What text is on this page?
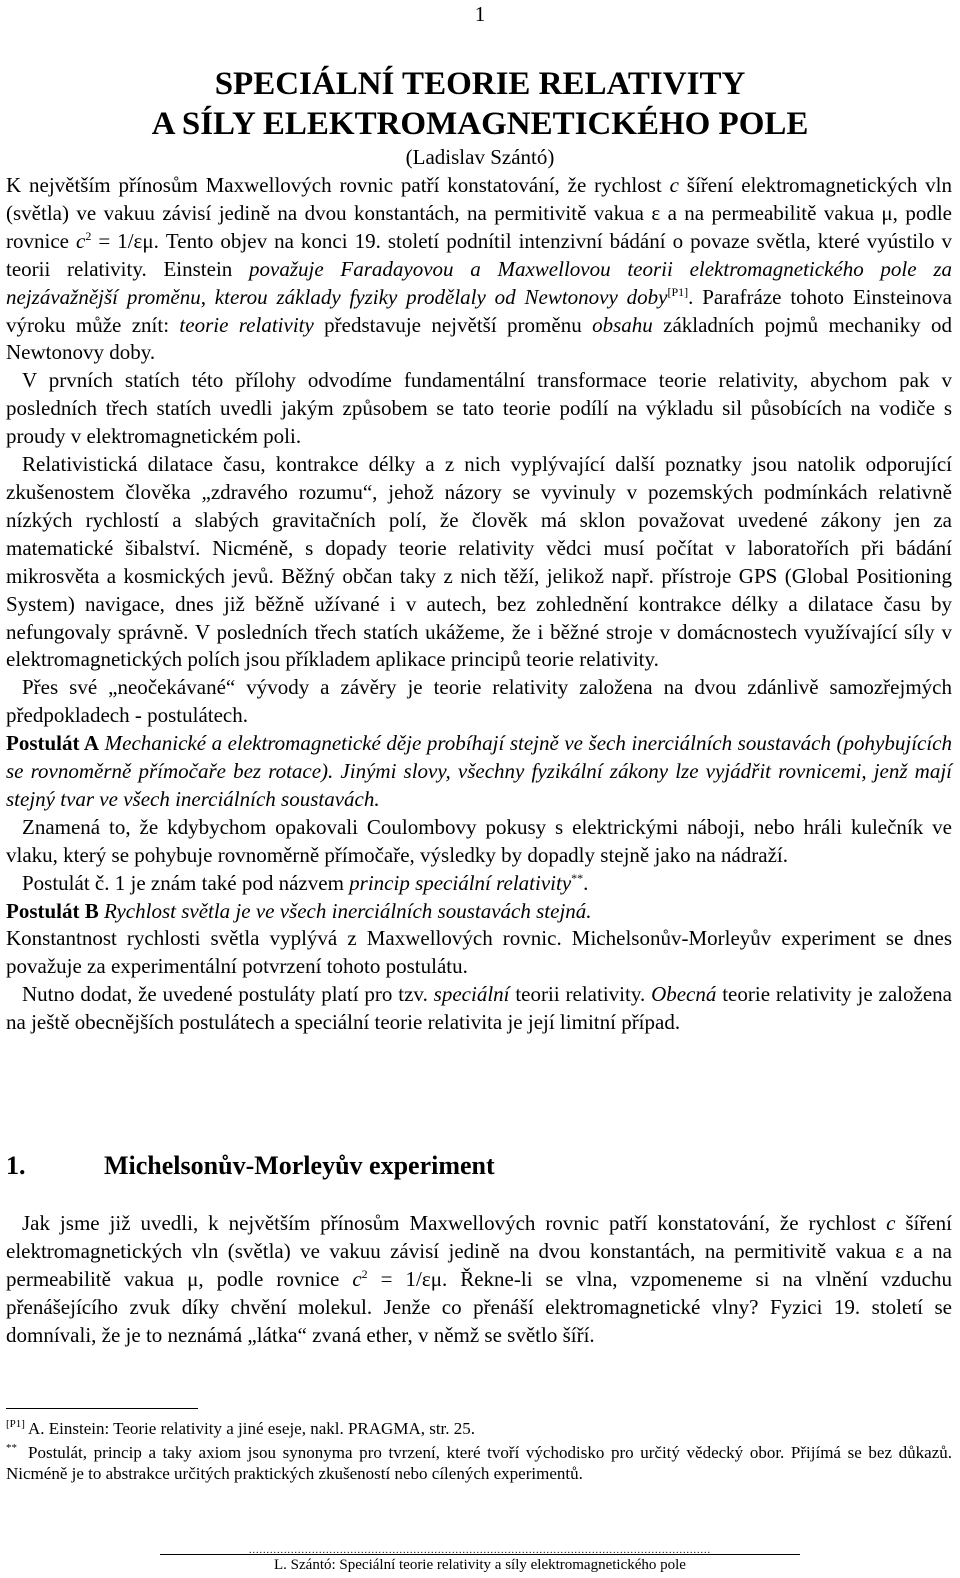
1
SPECIÁLNÍ TEORIE RELATIVITY
A SÍLY ELEKTROMAGNETICKÉHO POLE
(Ladislav Szántó)

K největším přínosům Maxwellových rovnic patří konstatování, že rychlost c šíření elektromagnetických vln (světla) ve vakuu závisí jedině na dvou konstantách, na permitivitě vakua ε a na permeabilitě vakua μ, podle rovnice $c^2 = 1/\varepsilon\mu$. Tento objev na konci 19. století podnítil intenzivní bádání o povaze světla, které vyústilo v teorii relativity. Einstein považuje Faradayovou a Maxwellovou teorii elektromagnetického pole za nejzávažnější proměnu, kterou základy fyziky prodělaly od Newtonovy doby[P1]. Parafráze tohoto Einsteinova výroku může znít: teorie relativity představuje největší proměnu obsahu základních pojmů mechaniky od Newtonovy doby.

V prvních statích této přílohy odvodíme fundamentální transformace teorie relativity, abychom pak v posledních třech statích uvedli jakým způsobem se tato teorie podílí na výkladu sil působících na vodiče s proudy v elektromagnetickém poli.

Relativistická dilatace času, kontrakce délky a z nich vyplývající další poznatky jsou natolik odporující zkušenostem člověka „zdravého rozumu“, jehož názory se vyvinuly v pozemských podmínkách relativně nízkých rychlostí a slabých gravitačních polí, že člověk má sklon považovat uvedené zákony jen za matematické šibalství. Nicméně, s dopady teorie relativity vědci musí počítat v laboratořích při bádání mikrosvěta a kosmických jevů. Běžný občan taky z nich těží, jelikož např. přístroje GPS (Global Positioning System) navigace, dnes již běžně užívané i v autech, bez zohlednění kontrakce délky a dilatace času by nefungovaly správně. V posledních třech statích ukážeme, že i běžné stroje v domácnostech využívající síly v elektromagnetických polích jsou příkladem aplikace principů teorie relativity.

Přes své „neočekávané“ vývody a závěry je teorie relativity založena na dvou zdánlivě samozřejmých předpokladech - postulátech.

Postulát A Mechanické a elektromagnetické děje probíhají stejně ve šech inerciálních soustavách (pohybujících se rovnoměrně přímočaře bez rotace). Jinými slovy, všechny fyzikální zákony lze vyjádřit rovnicemi, jenž mají stejný tvar ve všech inerciálních soustavách.

Znamená to, že kdybychom opakovali Coulombovy pokusy s elektrickými náboji, nebo hráli kulečník ve vlaku, který se pohybuje rovnoměrně přímočaře, výsledky by dopadly stejně jako na nádraží.

Postulát č. 1 je znám také pod názvem princip speciální relativity**.

Postulát B Rychlost světla je ve všech inerciálních soustavách stejná.

Konstantnost rychlosti světla vyplývá z Maxwellových rovnic. Michelsonův-Morleyův experiment se dnes považuje za experimentální potvrzení tohoto postulátu.

Nutno dodat, že uvedené postuláty platí pro tzv. speciální teorii relativity. Obecná teorie relativity je založena na ještě obecnějších postulátech a speciální teorie relativita je její limitní případ.

1.	Michelsonův-Morleyův experiment

Jak jsme již uvedli, k největším přínosům Maxwellových rovnic patří konstatování, že rychlost c šíření elektromagnetických vln (světla) ve vakuu závisí jedině na dvou konstantách, na permitivitě vakua ε a na permeabilitě vakua μ, podle rovnice $c^2 = 1/\varepsilon\mu$. Řekne-li se vlna, vzpomeneme si na vlnění vzduchu přenášejícího zvuk díky chvění molekul. Jenže co přenáší elektromagnetické vlny? Fyzici 19. století se domnívali, že je to neznámá „látka“ zvaná ether, v němž se světlo šíří.

[P1] A. Einstein: Teorie relativity a jiné eseje, nakl. PRAGMA, str. 25.

** Postulát, princip a taky axiom jsou synonyma pro tvrzení, které tvoří východisko pro určitý vědecký obor. Přijímá se bez důkazů. Nicméně je to abstrakce určitých praktických zkušeností nebo cílených experimentů.

....................................................................................................................................
L. Szántó: Speciální teorie relativity a síly elektromagnetického pole
